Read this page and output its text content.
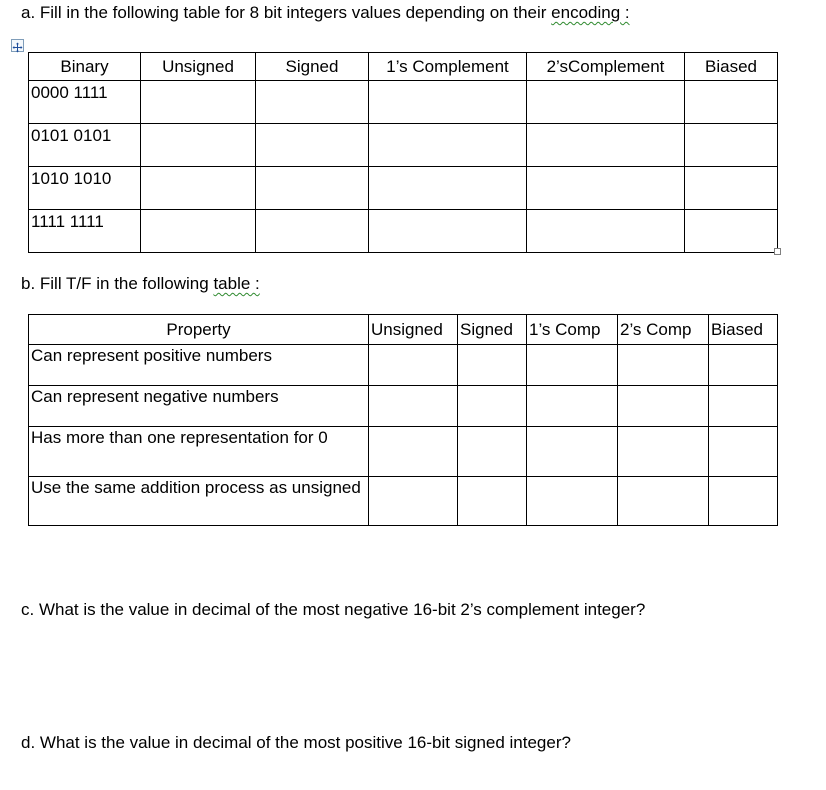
a. Fill in the following table for 8 bit integers values depending on their encoding :
Binary	Unsigned	Signed	1’s Complement	2’sComplement	Biased
0000 1111					
0101 0101					
1010 1010					
1111 1111					
b. Fill T/F in the following table :
Property	Unsigned	Signed	1’s Comp	2’s Comp	Biased
Can represent positive numbers					
Can represent negative numbers					
Has more than one representation for 0					
Use the same addition process as unsigned					
c. What is the value in decimal of the most negative 16-bit 2’s complement integer?
d. What is the value in decimal of the most positive 16-bit signed integer?
